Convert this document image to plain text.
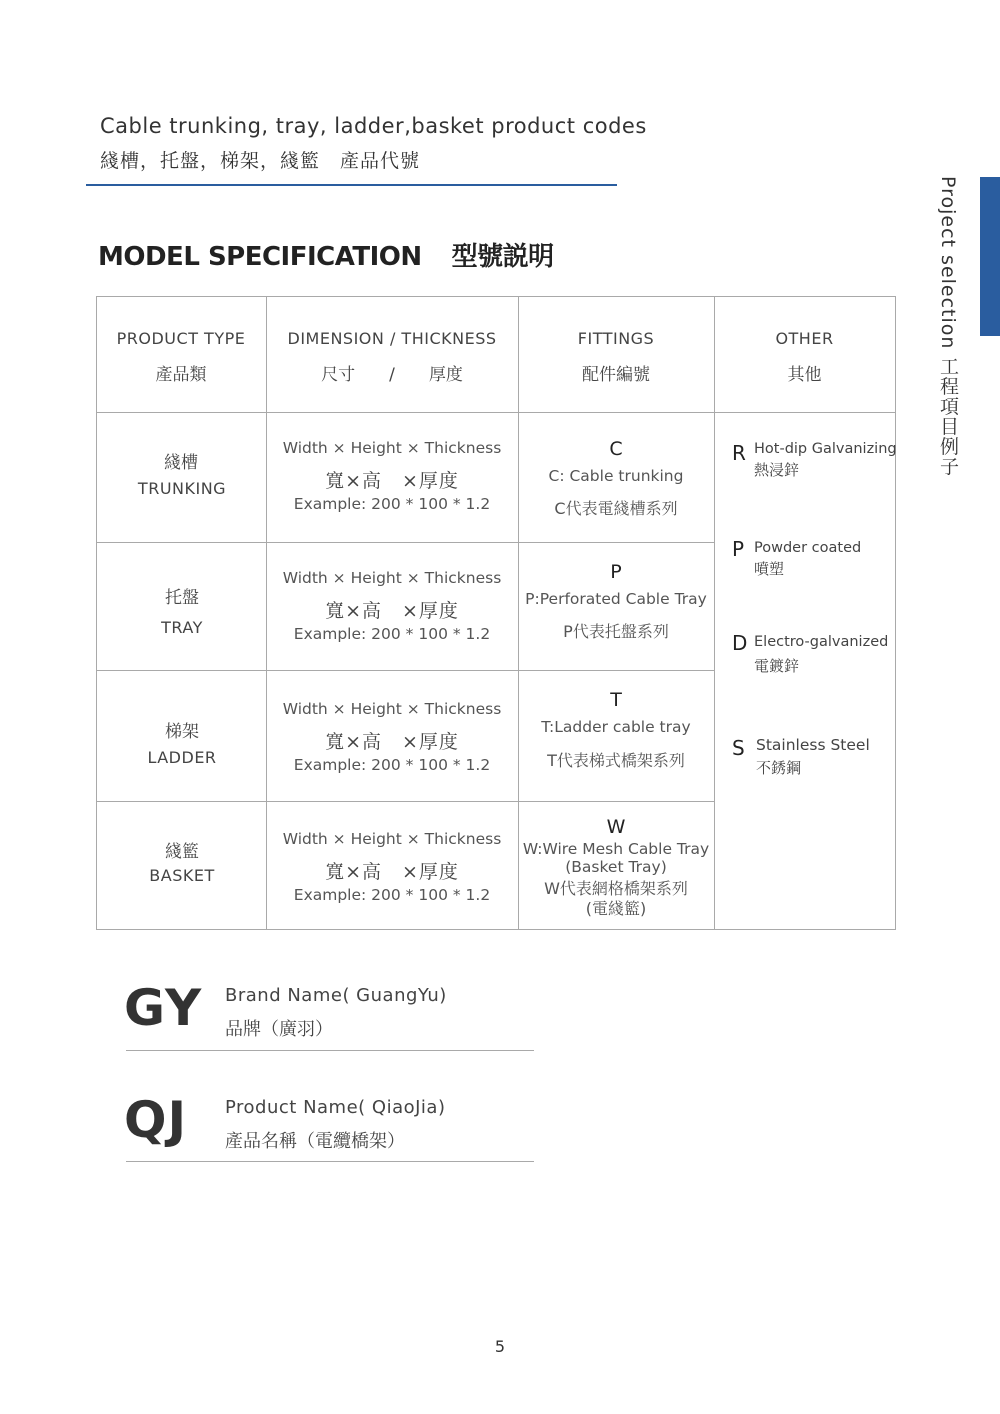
Cable trunking, tray, ladder,basket product codes
綫槽，托盤，梯架，綫籃　產品代號
Project selection 工程項目例子
MODEL SPECIFICATION 型號説明
PRODUCT TYPE
產品類
DIMENSION / THICKNESS
尺寸　　/　　厚度
FITTINGS
配件編號
OTHER
其他
綫槽
TRUNKING
Width × Height × Thickness
寬×高　×厚度
Example: 200 * 100 * 1.2
C
C: Cable trunking
C代表電綫槽系列
托盤
TRAY
Width × Height × Thickness
寬×高　×厚度
Example: 200 * 100 * 1.2
P
P:Perforated Cable Tray
P代表托盤系列
梯架
LADDER
Width × Height × Thickness
寬×高　×厚度
Example: 200 * 100 * 1.2
T
T:Ladder cable tray
T代表梯式橋架系列
綫籃
BASKET
Width × Height × Thickness
寬×高　×厚度
Example: 200 * 100 * 1.2
W
W:Wire Mesh Cable Tray
(Basket Tray)
W代表網格橋架系列
(電綫籃)
R Hot-dip Galvanizing
熱浸鋅
P Powder coated
噴塑
D Electro-galvanized
電鍍鋅
S Stainless Steel
不銹鋼
GY Brand Name( GuangYu)
品牌（廣羽）
QJ Product Name( QiaoJia)
產品名稱（電纜橋架）
5
